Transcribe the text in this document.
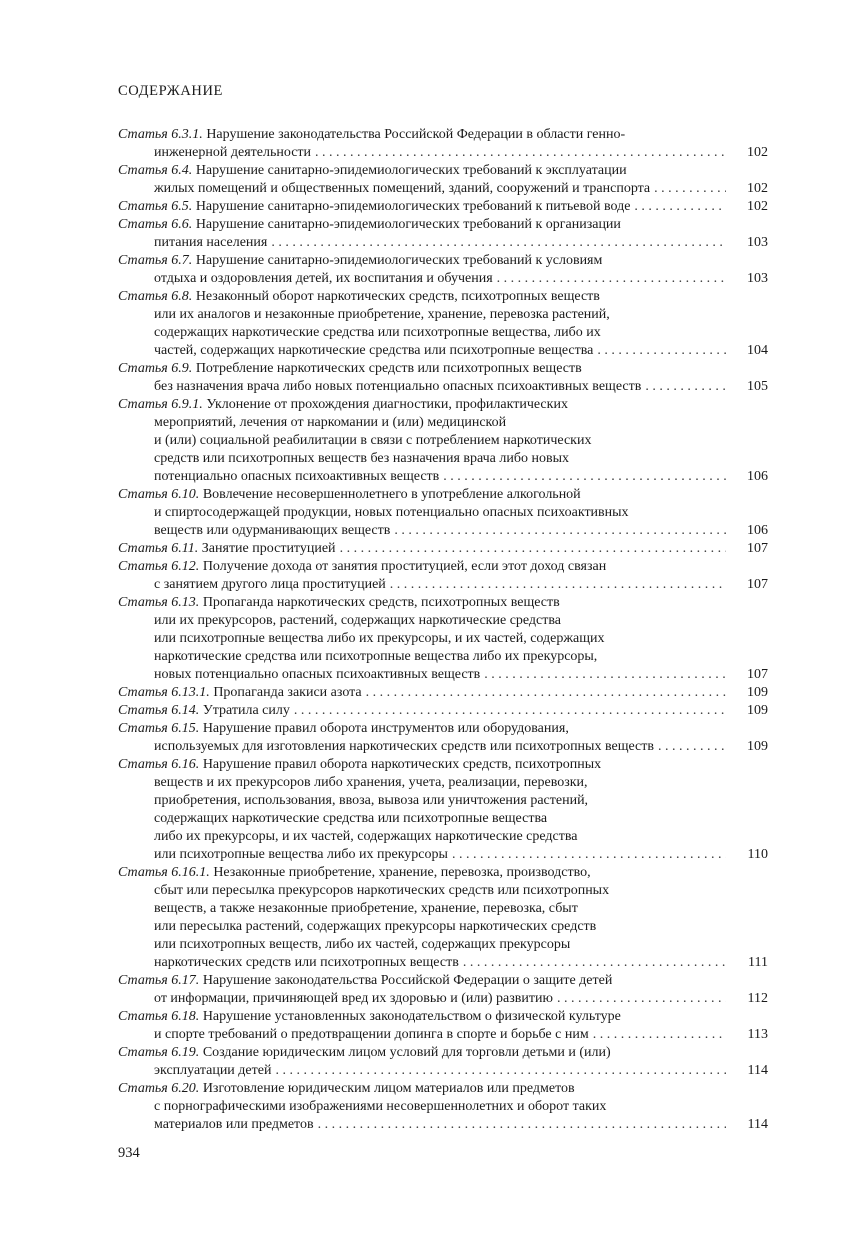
СОДЕРЖАНИЕ
Статья 6.3.1. Нарушение законодательства Российской Федерации в области генно-
инженерной деятельности . . .	102
Статья 6.4. Нарушение санитарно-эпидемиологических требований к эксплуатации
жилых помещений и общественных помещений, зданий, сооружений и транспорта . . .	102
Статья 6.5. Нарушение санитарно-эпидемиологических требований к питьевой воде . . .	102
Статья 6.6. Нарушение санитарно-эпидемиологических требований к организации
питания населения . . .	103
Статья 6.7. Нарушение санитарно-эпидемиологических требований к условиям
отдыха и оздоровления детей, их воспитания и обучения . . .	103
Статья 6.8. Незаконный оборот наркотических средств, психотропных веществ
или их аналогов и незаконные приобретение, хранение, перевозка растений,
содержащих наркотические средства или психотропные вещества, либо их
частей, содержащих наркотические средства или психотропные вещества . . .	104
Статья 6.9. Потребление наркотических средств или психотропных веществ
без назначения врача либо новых потенциально опасных психоактивных веществ . . .	105
Статья 6.9.1. Уклонение от прохождения диагностики, профилактических
мероприятий, лечения от наркомании и (или) медицинской
и (или) социальной реабилитации в связи с потреблением наркотических
средств или психотропных веществ без назначения врача либо новых
потенциально опасных психоактивных веществ . . .	106
Статья 6.10. Вовлечение несовершеннолетнего в употребление алкогольной
и спиртосодержащей продукции, новых потенциально опасных психоактивных
веществ или одурманивающих веществ . . .	106
Статья 6.11. Занятие проституцией . . .	107
Статья 6.12. Получение дохода от занятия проституцией, если этот доход связан
с занятием другого лица проституцией . . .	107
Статья 6.13. Пропаганда наркотических средств, психотропных веществ
или их прекурсоров, растений, содержащих наркотические средства
или психотропные вещества либо их прекурсоры, и их частей, содержащих
наркотические средства или психотропные вещества либо их прекурсоры,
новых потенциально опасных психоактивных веществ . . .	107
Статья 6.13.1. Пропаганда закиси азота . . .	109
Статья 6.14. Утратила силу . . .	109
Статья 6.15. Нарушение правил оборота инструментов или оборудования,
используемых для изготовления наркотических средств или психотропных веществ . . .	109
Статья 6.16. Нарушение правил оборота наркотических средств, психотропных
веществ и их прекурсоров либо хранения, учета, реализации, перевозки,
приобретения, использования, ввоза, вывоза или уничтожения растений,
содержащих наркотические средства или психотропные вещества
либо их прекурсоры, и их частей, содержащих наркотические средства
или психотропные вещества либо их прекурсоры . . .	110
Статья 6.16.1. Незаконные приобретение, хранение, перевозка, производство,
сбыт или пересылка прекурсоров наркотических средств или психотропных
веществ, а также незаконные приобретение, хранение, перевозка, сбыт
или пересылка растений, содержащих прекурсоры наркотических средств
или психотропных веществ, либо их частей, содержащих прекурсоры
наркотических средств или психотропных веществ . . .	111
Статья 6.17. Нарушение законодательства Российской Федерации о защите детей
от информации, причиняющей вред их здоровью и (или) развитию . . .	112
Статья 6.18. Нарушение установленных законодательством о физической культуре
и спорте требований о предотвращении допинга в спорте и борьбе с ним . . .	113
Статья 6.19. Создание юридическим лицом условий для торговли детьми и (или)
эксплуатации детей . . .	114
Статья 6.20. Изготовление юридическим лицом материалов или предметов
с порнографическими изображениями несовершеннолетних и оборот таких
материалов или предметов . . .	114
934
